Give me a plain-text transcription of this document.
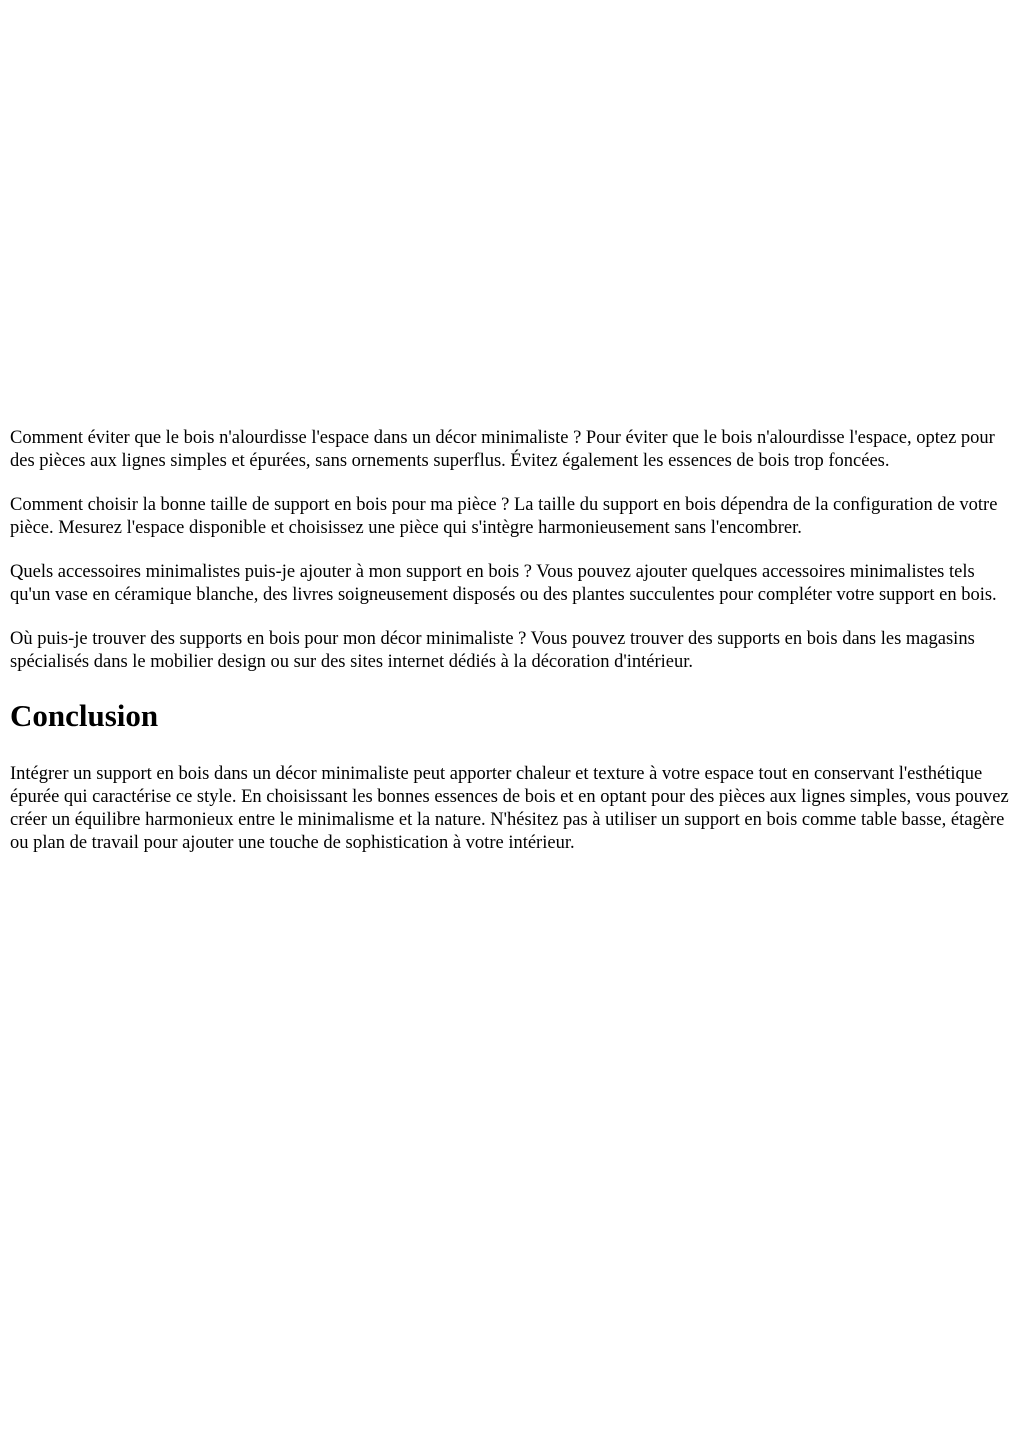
Comment éviter que le bois n'alourdisse l'espace dans un décor minimaliste ? Pour éviter que le bois n'alourdisse l'espace, optez pour des pièces aux lignes simples et épurées, sans ornements superflus. Évitez également les essences de bois trop foncées.

Comment choisir la bonne taille de support en bois pour ma pièce ? La taille du support en bois dépendra de la configuration de votre pièce. Mesurez l'espace disponible et choisissez une pièce qui s'intègre harmonieusement sans l'encombrer.

Quels accessoires minimalistes puis-je ajouter à mon support en bois ? Vous pouvez ajouter quelques accessoires minimalistes tels qu'un vase en céramique blanche, des livres soigneusement disposés ou des plantes succulentes pour compléter votre support en bois.

Où puis-je trouver des supports en bois pour mon décor minimaliste ? Vous pouvez trouver des supports en bois dans les magasins spécialisés dans le mobilier design ou sur des sites internet dédiés à la décoration d'intérieur.

Conclusion

Intégrer un support en bois dans un décor minimaliste peut apporter chaleur et texture à votre espace tout en conservant l'esthétique épurée qui caractérise ce style. En choisissant les bonnes essences de bois et en optant pour des pièces aux lignes simples, vous pouvez créer un équilibre harmonieux entre le minimalisme et la nature. N'hésitez pas à utiliser un support en bois comme table basse, étagère ou plan de travail pour ajouter une touche de sophistication à votre intérieur.
